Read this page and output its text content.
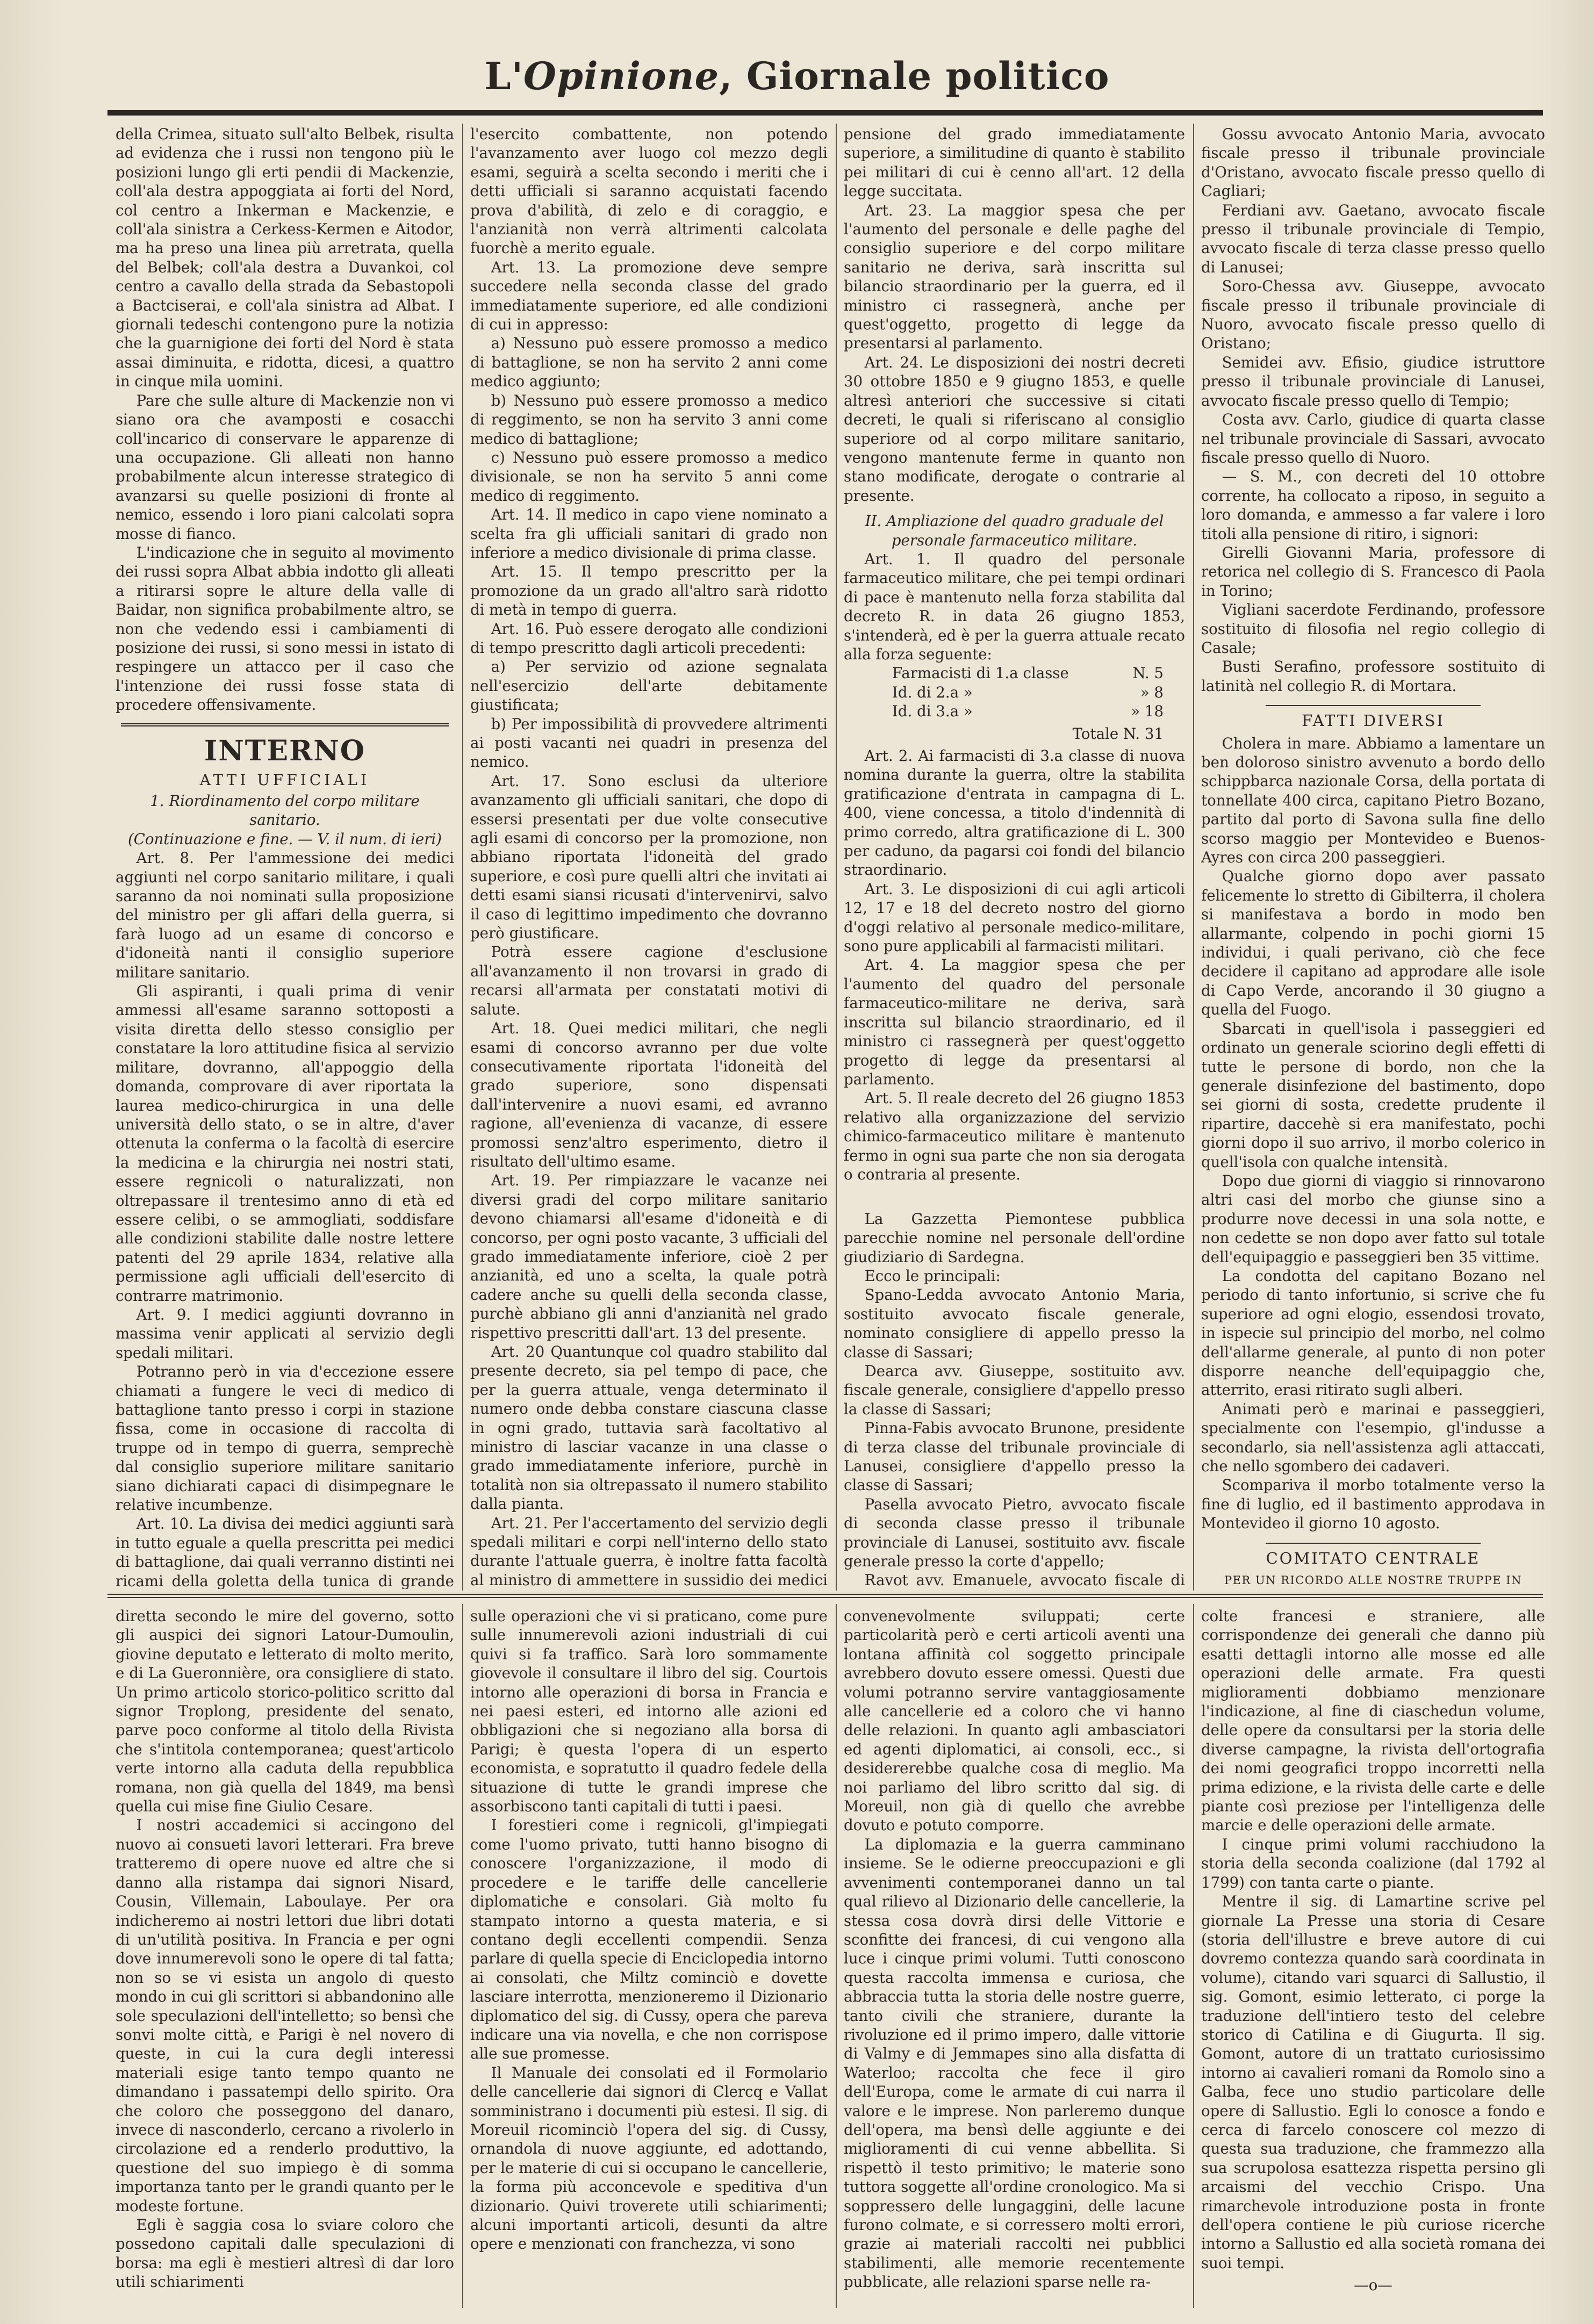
L'Opinione, Giornale politico

della Crimea, situato sull'alto Belbek, risulta ad evidenza che i russi non tengono più le posizioni lungo gli erti pendii di Mackenzie, coll'ala destra appoggiata ai forti del Nord, col centro a Inkerman e Mackenzie, e coll'ala sinistra a Cerkess-Kermen e Aitodor, ma ha preso una linea più arretrata, quella del Belbek; coll'ala destra a Duvankoi, col centro a cavallo della strada da Sebastopoli a Bactciserai, e coll'ala sinistra ad Albat. I giornali tedeschi contengono pure la notizia che la guarnigione dei forti del Nord è stata assai diminuita, e ridotta, dicesi, a quattro in cinque mila uomini.

Pare che sulle alture di Mackenzie non vi siano ora che avamposti e cosacchi coll'incarico di conservare le apparenze di una occupazione. Gli alleati non hanno probabilmente alcun interesse strategico di avanzarsi su quelle posizioni di fronte al nemico, essendo i loro piani calcolati sopra mosse di fianco.

L'indicazione che in seguito al movimento dei russi sopra Albat abbia indotto gli alleati a ritirarsi sopre le alture della valle di Baidar, non significa probabilmente altro, se non che vedendo essi i cambiamenti di posizione dei russi, si sono messi in istato di respingere un attacco per il caso che l'intenzione dei russi fosse stata di procedere offensivamente.

INTERNO
ATTI UFFICIALI
1. Riordinamento del corpo militare sanitario.
(Continuazione e fine. — V. il num. di ieri)

Art. 8. Per l'ammessione dei medici aggiunti nel corpo sanitario militare, i quali saranno da noi nominati sulla proposizione del ministro per gli affari della guerra, si farà luogo ad un esame di concorso e d'idoneità nanti il consiglio superiore militare sanitario.

Gli aspiranti, i quali prima di venir ammessi all'esame saranno sottoposti a visita diretta dello stesso consiglio per constatare la loro attitudine fisica al servizio militare, dovranno, all'appoggio della domanda, comprovare di aver riportata la laurea medico-chirurgica in una delle università dello stato, o se in altre, d'aver ottenuta la conferma o la facoltà di esercire la medicina e la chirurgia nei nostri stati, essere regnicoli o naturalizzati, non oltrepassare il trentesimo anno di età ed essere celibi, o se ammogliati, soddisfare alle condizioni stabilite dalle nostre lettere patenti del 29 aprile 1834, relative alla permissione agli ufficiali dell'esercito di contrarre matrimonio.

Art. 9. I medici aggiunti dovranno in massima venir applicati al servizio degli spedali militari.

Potranno però in via d'eccezione essere chiamati a fungere le veci di medico di battaglione tanto presso i corpi in stazione fissa, come in occasione di raccolta di truppe od in tempo di guerra, semprechè dal consiglio superiore militare sanitario siano dichiarati capaci di disimpegnare le relative incumbenze.

Art. 10. La divisa dei medici aggiunti sarà in tutto eguale a quella prescritta pei medici di battaglione, dai quali verranno distinti nei ricami della goletta della tunica di grande

l'esercito combattente, non potendo l'avanzamento aver luogo col mezzo degli esami, seguirà a scelta secondo i meriti che i detti ufficiali si saranno acquistati facendo prova d'abilità, di zelo e di coraggio, e l'anzianità non verrà altrimenti calcolata fuorchè a merito eguale.

Art. 13. La promozione deve sempre succedere nella seconda classe del grado immediatamente superiore, ed alle condizioni di cui in appresso:

a) Nessuno può essere promosso a medico di battaglione, se non ha servito 2 anni come medico aggiunto;

b) Nessuno può essere promosso a medico di reggimento, se non ha servito 3 anni come medico di battaglione;

c) Nessuno può essere promosso a medico divisionale, se non ha servito 5 anni come medico di reggimento.

Art. 14. Il medico in capo viene nominato a scelta fra gli ufficiali sanitari di grado non inferiore a medico divisionale di prima classe.

Art. 15. Il tempo prescritto per la promozione da un grado all'altro sarà ridotto di metà in tempo di guerra.

Art. 16. Può essere derogato alle condizioni di tempo prescritto dagli articoli precedenti:

a) Per servizio od azione segnalata nell'esercizio dell'arte debitamente giustificata;

b) Per impossibilità di provvedere altrimenti ai posti vacanti nei quadri in presenza del nemico.

Art. 17. Sono esclusi da ulteriore avanzamento gli ufficiali sanitari, che dopo di essersi presentati per due volte consecutive agli esami di concorso per la promozione, non abbiano riportata l'idoneità del grado superiore, e così pure quelli altri che invitati ai detti esami siansi ricusati d'intervenirvi, salvo il caso di legittimo impedimento che dovranno però giustificare.

Potrà essere cagione d'esclusione all'avanzamento il non trovarsi in grado di recarsi all'armata per constatati motivi di salute.

Art. 18. Quei medici militari, che negli esami di concorso avranno per due volte consecutivamente riportata l'idoneità del grado superiore, sono dispensati dall'intervenire a nuovi esami, ed avranno ragione, all'evenienza di vacanze, di essere promossi senz'altro esperimento, dietro il risultato dell'ultimo esame.

Art. 19. Per rimpiazzare le vacanze nei diversi gradi del corpo militare sanitario devono chiamarsi all'esame d'idoneità e di concorso, per ogni posto vacante, 3 ufficiali del grado immediatamente inferiore, cioè 2 per anzianità, ed uno a scelta, la quale potrà cadere anche su quelli della seconda classe, purchè abbiano gli anni d'anzianità nel grado rispettivo prescritti dall'art. 13 del presente.

Art. 20 Quantunque col quadro stabilito dal presente decreto, sia pel tempo di pace, che per la guerra attuale, venga determinato il numero onde debba constare ciascuna classe in ogni grado, tuttavia sarà facoltativo al ministro di lasciar vacanze in una classe o grado immediatamente inferiore, purchè in totalità non sia oltrepassato il numero stabilito dalla pianta.

Art. 21. Per l'accertamento del servizio degli spedali militari e corpi nell'interno dello stato durante l'attuale guerra, è inoltre fatta facoltà al ministro di ammettere in sussidio dei medici

pensione del grado immediatamente superiore, a similitudine di quanto è stabilito pei militari di cui è cenno all'art. 12 della legge succitata.

Art. 23. La maggior spesa che per l'aumento del personale e delle paghe del consiglio superiore e del corpo militare sanitario ne deriva, sarà inscritta sul bilancio straordinario per la guerra, ed il ministro ci rassegnerà, anche per quest'oggetto, progetto di legge da presentarsi al parlamento.

Art. 24. Le disposizioni dei nostri decreti 30 ottobre 1850 e 9 giugno 1853, e quelle altresì anteriori che successive si citati decreti, le quali si riferiscano al consiglio superiore od al corpo militare sanitario, vengono mantenute ferme in quanto non stano modificate, derogate o contrarie al presente.

II. Ampliazione del quadro graduale del personale farmaceutico militare.

Art. 1. Il quadro del personale farmaceutico militare, che pei tempi ordinari di pace è mantenuto nella forza stabilita dal decreto R. in data 26 giugno 1853, s'intenderà, ed è per la guerra attuale recato alla forza seguente:

Farmacisti di 1.a classe	N. 5
Id. di 2.a »	» 8
Id. di 3.a »	» 18
Totale N. 31

Art. 2. Ai farmacisti di 3.a classe di nuova nomina durante la guerra, oltre la stabilita gratificazione d'entrata in campagna di L. 400, viene concessa, a titolo d'indennità di primo corredo, altra gratificazione di L. 300 per caduno, da pagarsi coi fondi del bilancio straordinario.

Art. 3. Le disposizioni di cui agli articoli 12, 17 e 18 del decreto nostro del giorno d'oggi relativo al personale medico-militare, sono pure applicabili al farmacisti militari.

Art. 4. La maggior spesa che per l'aumento del quadro del personale farmaceutico-militare ne deriva, sarà inscritta sul bilancio straordinario, ed il ministro ci rassegnerà per quest'oggetto progetto di legge da presentarsi al parlamento.

Art. 5. Il reale decreto del 26 giugno 1853 relativo alla organizzazione del servizio chimico-farmaceutico militare è mantenuto fermo in ogni sua parte che non sia derogata o contraria al presente.

La Gazzetta Piemontese pubblica parecchie nomine nel personale dell'ordine giudiziario di Sardegna.

Ecco le principali:

Spano-Ledda avvocato Antonio Maria, sostituito avvocato fiscale generale, nominato consigliere di appello presso la classe di Sassari;

Dearca avv. Giuseppe, sostituito avv. fiscale generale, consigliere d'appello presso la classe di Sassari;

Pinna-Fabis avvocato Brunone, presidente di terza classe del tribunale provinciale di Lanusei, consigliere d'appello presso la classe di Sassari;

Pasella avvocato Pietro, avvocato fiscale di seconda classe presso il tribunale provinciale di Lanusei, sostituito avv. fiscale generale presso la corte d'appello;

Ravot avv. Emanuele, avvocato fiscale di

Gossu avvocato Antonio Maria, avvocato fiscale presso il tribunale provinciale d'Oristano, avvocato fiscale presso quello di Cagliari;

Ferdiani avv. Gaetano, avvocato fiscale presso il tribunale provinciale di Tempio, avvocato fiscale di terza classe presso quello di Lanusei;

Soro-Chessa avv. Giuseppe, avvocato fiscale presso il tribunale provinciale di Nuoro, avvocato fiscale presso quello di Oristano;

Semidei avv. Efisio, giudice istruttore presso il tribunale provinciale di Lanusei, avvocato fiscale presso quello di Tempio;

Costa avv. Carlo, giudice di quarta classe nel tribunale provinciale di Sassari, avvocato fiscale presso quello di Nuoro.

— S. M., con decreti del 10 ottobre corrente, ha collocato a riposo, in seguito a loro domanda, e ammesso a far valere i loro titoli alla pensione di ritiro, i signori:

Girelli Giovanni Maria, professore di retorica nel collegio di S. Francesco di Paola in Torino;

Vigliani sacerdote Ferdinando, professore sostituito di filosofia nel regio collegio di Casale;

Busti Serafino, professore sostituito di latinità nel collegio R. di Mortara.

FATTI DIVERSI

Cholera in mare. Abbiamo a lamentare un ben doloroso sinistro avvenuto a bordo dello schippbarca nazionale Corsa, della portata di tonnellate 400 circa, capitano Pietro Bozano, partito dal porto di Savona sulla fine dello scorso maggio per Montevideo e Buenos-Ayres con circa 200 passeggieri.

Qualche giorno dopo aver passato felicemente lo stretto di Gibilterra, il cholera si manifestava a bordo in modo ben allarmante, colpendo in pochi giorni 15 individui, i quali perivano, ciò che fece decidere il capitano ad approdare alle isole di Capo Verde, ancorando il 30 giugno a quella del Fuogo.

Sbarcati in quell'isola i passeggieri ed ordinato un generale sciorino degli effetti di tutte le persone di bordo, non che la generale disinfezione del bastimento, dopo sei giorni di sosta, credette prudente il ripartire, daccehè si era manifestato, pochi giorni dopo il suo arrivo, il morbo colerico in quell'isola con qualche intensità.

Dopo due giorni di viaggio si rinnovarono altri casi del morbo che giunse sino a produrre nove decessi in una sola notte, e non cedette se non dopo aver fatto sul totale dell'equipaggio e passeggieri ben 35 vittime.

La condotta del capitano Bozano nel periodo di tanto infortunio, si scrive che fu superiore ad ogni elogio, essendosi trovato, in ispecie sul principio del morbo, nel colmo dell'allarme generale, al punto di non poter disporre neanche dell'equipaggio che, atterrito, erasi ritirato sugli alberi.

Animati però e marinai e passeggieri, specialmente con l'esempio, gl'indusse a secondarlo, sia nell'assistenza agli attaccati, che nello sgombero dei cadaveri.

Scompariva il morbo totalmente verso la fine di luglio, ed il bastimento approdava in Montevideo il giorno 10 agosto.

COMITATO CENTRALE
PER UN RICORDO ALLE NOSTRE TRUPPE IN

diretta secondo le mire del governo, sotto gli auspici dei signori Latour-Dumoulin, giovine deputato e letterato di molto merito, e di La Gueronnière, ora consigliere di stato. Un primo articolo storico-politico scritto dal signor Troplong, presidente del senato, parve poco conforme al titolo della Rivista che s'intitola contemporanea; quest'articolo verte intorno alla caduta della repubblica romana, non già quella del 1849, ma bensì quella cui mise fine Giulio Cesare.

I nostri accademici si accingono del nuovo ai consueti lavori letterari. Fra breve tratteremo di opere nuove ed altre che si danno alla ristampa dai signori Nisard, Cousin, Villemain, Laboulaye. Per ora indicheremo ai nostri lettori due libri dotati di un'utilità positiva. In Francia e per ogni dove innumerevoli sono le opere di tal fatta; non so se vi esista un angolo di questo mondo in cui gli scrittori si abbandonino alle sole speculazioni dell'intelletto; so bensì che sonvi molte città, e Parigi è nel novero di queste, in cui la cura degli interessi materiali esige tanto tempo quanto ne dimandano i passatempi dello spirito. Ora che coloro che posseggono del danaro, invece di nasconderlo, cercano a rivolerlo in circolazione ed a renderlo produttivo, la questione del suo impiego è di somma importanza tanto per le grandi quanto per le modeste fortune.

Egli è saggia cosa lo sviare coloro che possedono capitali dalle speculazioni di borsa: ma egli è mestieri altresì di dar loro utili schiarimenti

sulle operazioni che vi si praticano, come pure sulle innumerevoli azioni industriali di cui quivi si fa traffico. Sarà loro sommamente giovevole il consultare il libro del sig. Courtois intorno alle operazioni di borsa in Francia e nei paesi esteri, ed intorno alle azioni ed obbligazioni che si negoziano alla borsa di Parigi; è questa l'opera di un esperto economista, e sopratutto il quadro fedele della situazione di tutte le grandi imprese che assorbiscono tanti capitali di tutti i paesi.

I forestieri come i regnicoli, gl'impiegati come l'uomo privato, tutti hanno bisogno di conoscere l'organizzazione, il modo di procedere e le tariffe delle cancellerie diplomatiche e consolari. Già molto fu stampato intorno a questa materia, e si contano degli eccellenti compendii. Senza parlare di quella specie di Enciclopedia intorno ai consolati, che Miltz cominciò e dovette lasciare interrotta, menzioneremo il Dizionario diplomatico del sig. di Cussy, opera che pareva indicare una via novella, e che non corrispose alle sue promesse.

Il Manuale dei consolati ed il Formolario delle cancellerie dai signori di Clercq e Vallat somministrano i documenti più estesi. Il sig. di Moreuil ricominciò l'opera del sig. di Cussy, ornandola di nuove aggiunte, ed adottando, per le materie di cui si occupano le cancellerie, la forma più acconcevole e speditiva d'un dizionario. Quivi troverete utili schiarimenti; alcuni importanti articoli, desunti da altre opere e menzionati con franchezza, vi sono

convenevolmente sviluppati; certe particolarità però e certi articoli aventi una lontana affinità col soggetto principale avrebbero dovuto essere omessi. Questi due volumi potranno servire vantaggiosamente alle cancellerie ed a coloro che vi hanno delle relazioni. In quanto agli ambasciatori ed agenti diplomatici, ai consoli, ecc., si desidererebbe qualche cosa di meglio. Ma noi parliamo del libro scritto dal sig. di Moreuil, non già di quello che avrebbe dovuto e potuto comporre.

La diplomazia e la guerra camminano insieme. Se le odierne preoccupazioni e gli avvenimenti contemporanei danno un tal qual rilievo al Dizionario delle cancellerie, la stessa cosa dovrà dirsi delle Vittorie e sconfitte dei francesi, di cui vengono alla luce i cinque primi volumi. Tutti conoscono questa raccolta immensa e curiosa, che abbraccia tutta la storia delle nostre guerre, tanto civili che straniere, durante la rivoluzione ed il primo impero, dalle vittorie di Valmy e di Jemmapes sino alla disfatta di Waterloo; raccolta che fece il giro dell'Europa, come le armate di cui narra il valore e le imprese. Non parleremo dunque dell'opera, ma bensì delle aggiunte e dei miglioramenti di cui venne abbellita. Si rispettò il testo primitivo; le materie sono tuttora soggette all'ordine cronologico. Ma si soppressero delle lungaggini, delle lacune furono colmate, e si corressero molti errori, grazie ai materiali raccolti nei pubblici stabilimenti, alle memorie recentemente pubblicate, alle relazioni sparse nelle ra-

colte francesi e straniere, alle corrispondenze dei generali che danno più esatti dettagli intorno alle mosse ed alle operazioni delle armate. Fra questi miglioramenti dobbiamo menzionare l'indicazione, al fine di ciaschedun volume, delle opere da consultarsi per la storia delle diverse campagne, la rivista dell'ortografia dei nomi geografici troppo incorretti nella prima edizione, e la rivista delle carte e delle piante così preziose per l'intelligenza delle marcie e delle operazioni delle armate.

I cinque primi volumi racchiudono la storia della seconda coalizione (dal 1792 al 1799) con tanta carte o piante.

Mentre il sig. di Lamartine scrive pel giornale La Presse una storia di Cesare (storia dell'illustre e breve autore di cui dovremo contezza quando sarà coordinata in volume), citando vari squarci di Sallustio, il sig. Gomont, esimio letterato, ci porge la traduzione dell'intiero testo del celebre storico di Catilina e di Giugurta. Il sig. Gomont, autore di un trattato curiosissimo intorno ai cavalieri romani da Romolo sino a Galba, fece uno studio particolare delle opere di Sallustio. Egli lo conosce a fondo e cerca di farcelo conoscere col mezzo di questa sua traduzione, che frammezzo alla sua scrupolosa esattezza rispetta persino gli arcaismi del vecchio Crispo. Una rimarchevole introduzione posta in fronte dell'opera contiene le più curiose ricerche intorno a Sallustio ed alla società romana dei suoi tempi.

—o—
